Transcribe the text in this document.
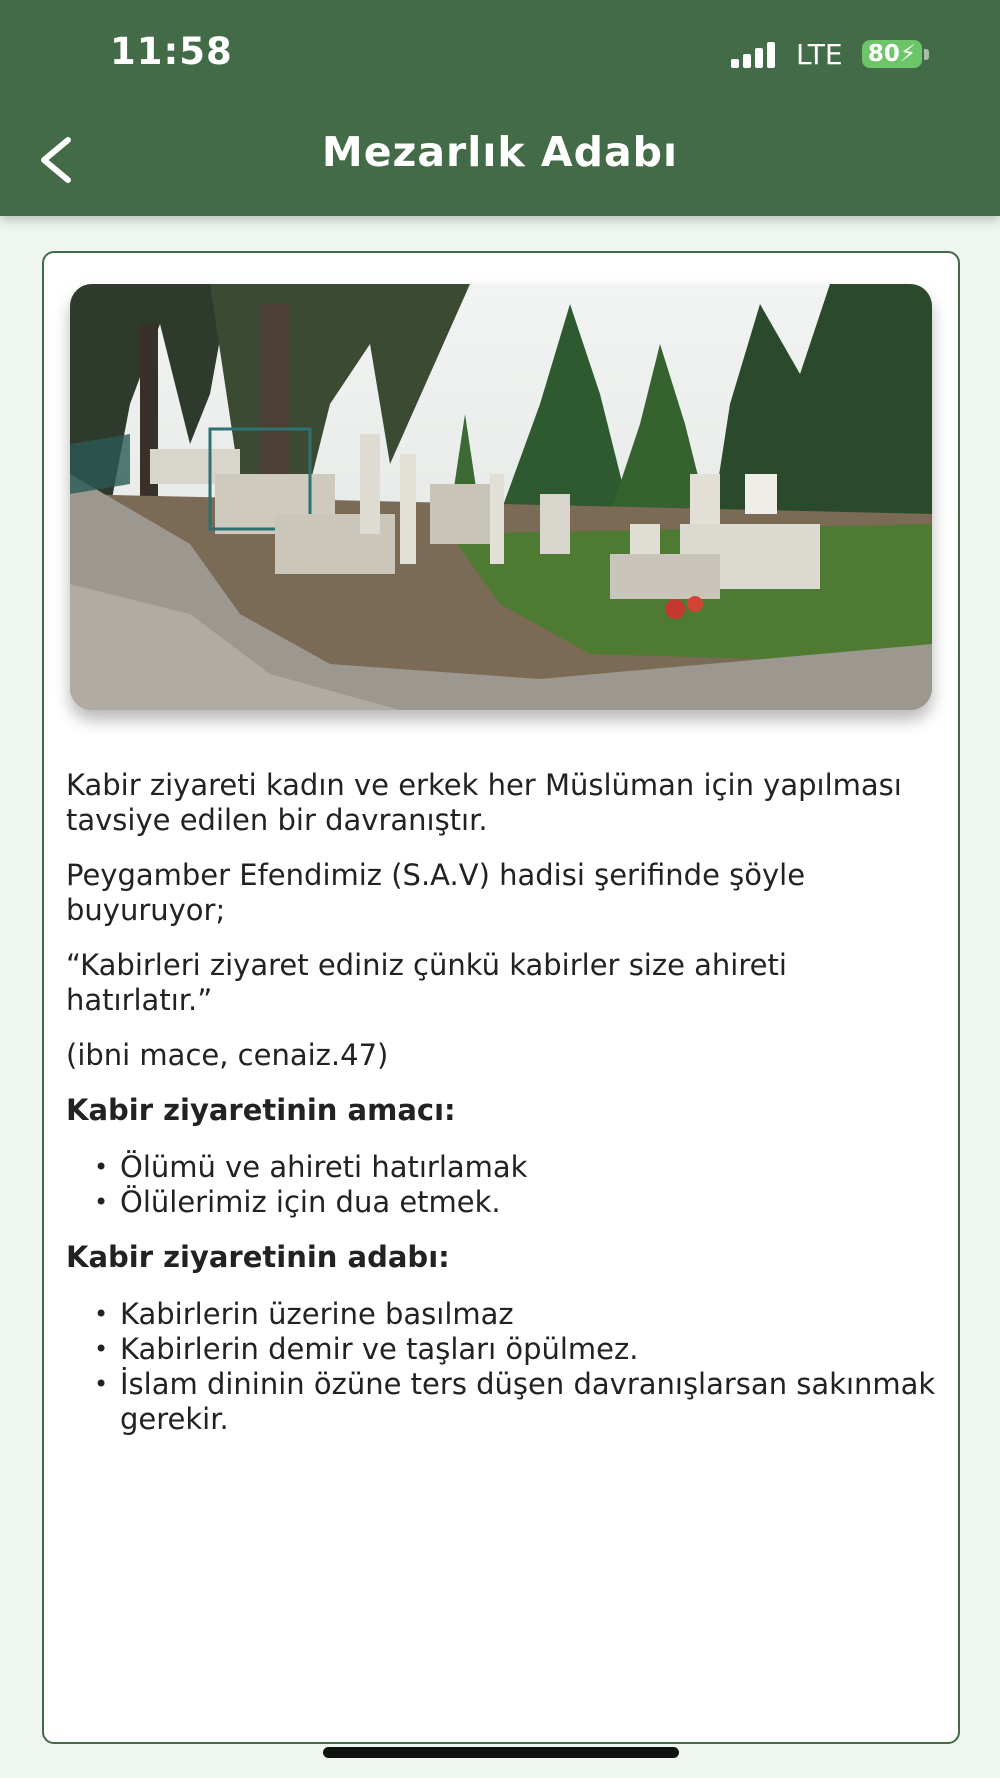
11:58	LTE 80 ⚡
Mezarlık Adabı

Kabir ziyareti kadın ve erkek her Müslüman için yapılması tavsiye edilen bir davranıştır.

Peygamber Efendimiz (S.A.V) hadisi şerifinde şöyle buyuruyor;

“Kabirleri ziyaret ediniz çünkü kabirler size ahireti hatırlatır.”

(ibni mace, cenaiz.47)

Kabir ziyaretinin amacı:
• Ölümü ve ahireti hatırlamak
• Ölülerimiz için dua etmek.
Kabir ziyaretinin adabı:
• Kabirlerin üzerine basılmaz
• Kabirlerin demir ve taşları öpülmez.
• İslam dininin özüne ters düşen davranışlarsan sakınmak gerekir.
